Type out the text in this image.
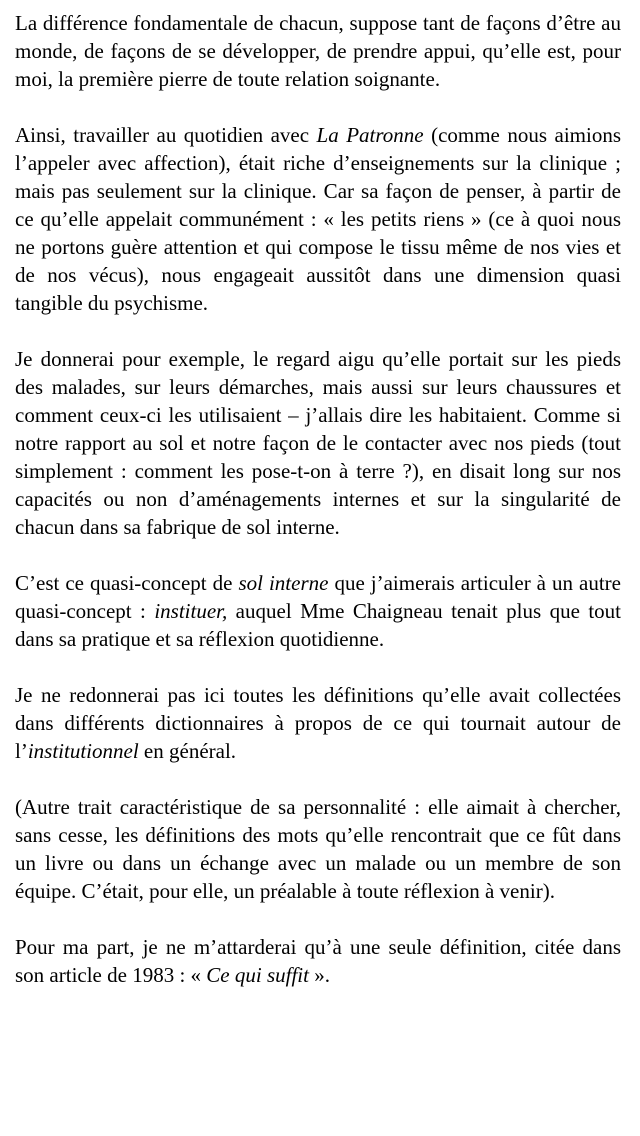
La différence fondamentale de chacun, suppose tant de façons d’être au monde, de façons de se développer, de prendre appui, qu’elle est, pour moi, la première pierre de toute relation soignante.

Ainsi, travailler au quotidien avec La Patronne (comme nous aimions l’appeler avec affection), était riche d’enseignements sur la clinique ; mais pas seulement sur la clinique. Car sa façon de penser, à partir de ce qu’elle appelait communément : « les petits riens » (ce à quoi nous ne portons guère attention et qui compose le tissu même de nos vies et de nos vécus), nous engageait aussitôt dans une dimension quasi tangible du psychisme.

Je donnerai pour exemple, le regard aigu qu’elle portait sur les pieds des malades, sur leurs démarches, mais aussi sur leurs chaussures et comment ceux-ci les utilisaient – j’allais dire les habitaient. Comme si notre rapport au sol et notre façon de le contacter avec nos pieds (tout simplement : comment les pose-t-on à terre ?), en disait long sur nos capacités ou non d’aménagements internes et sur la singularité de chacun dans sa fabrique de sol interne.

C’est ce quasi-concept de sol interne que j’aimerais articuler à un autre quasi-concept : instituer, auquel Mme Chaigneau tenait plus que tout dans sa pratique et sa réflexion quotidienne.

Je ne redonnerai pas ici toutes les définitions qu’elle avait collectées dans différents dictionnaires à propos de ce qui tournait autour de l’institutionnel en général.

(Autre trait caractéristique de sa personnalité : elle aimait à chercher, sans cesse, les définitions des mots qu’elle rencontrait que ce fût dans un livre ou dans un échange avec un malade ou un membre de son équipe. C’était, pour elle, un préalable à toute réflexion à venir).

Pour ma part, je ne m’attarderai qu’à une seule définition, citée dans son article de 1983 : « Ce qui suffit ».
